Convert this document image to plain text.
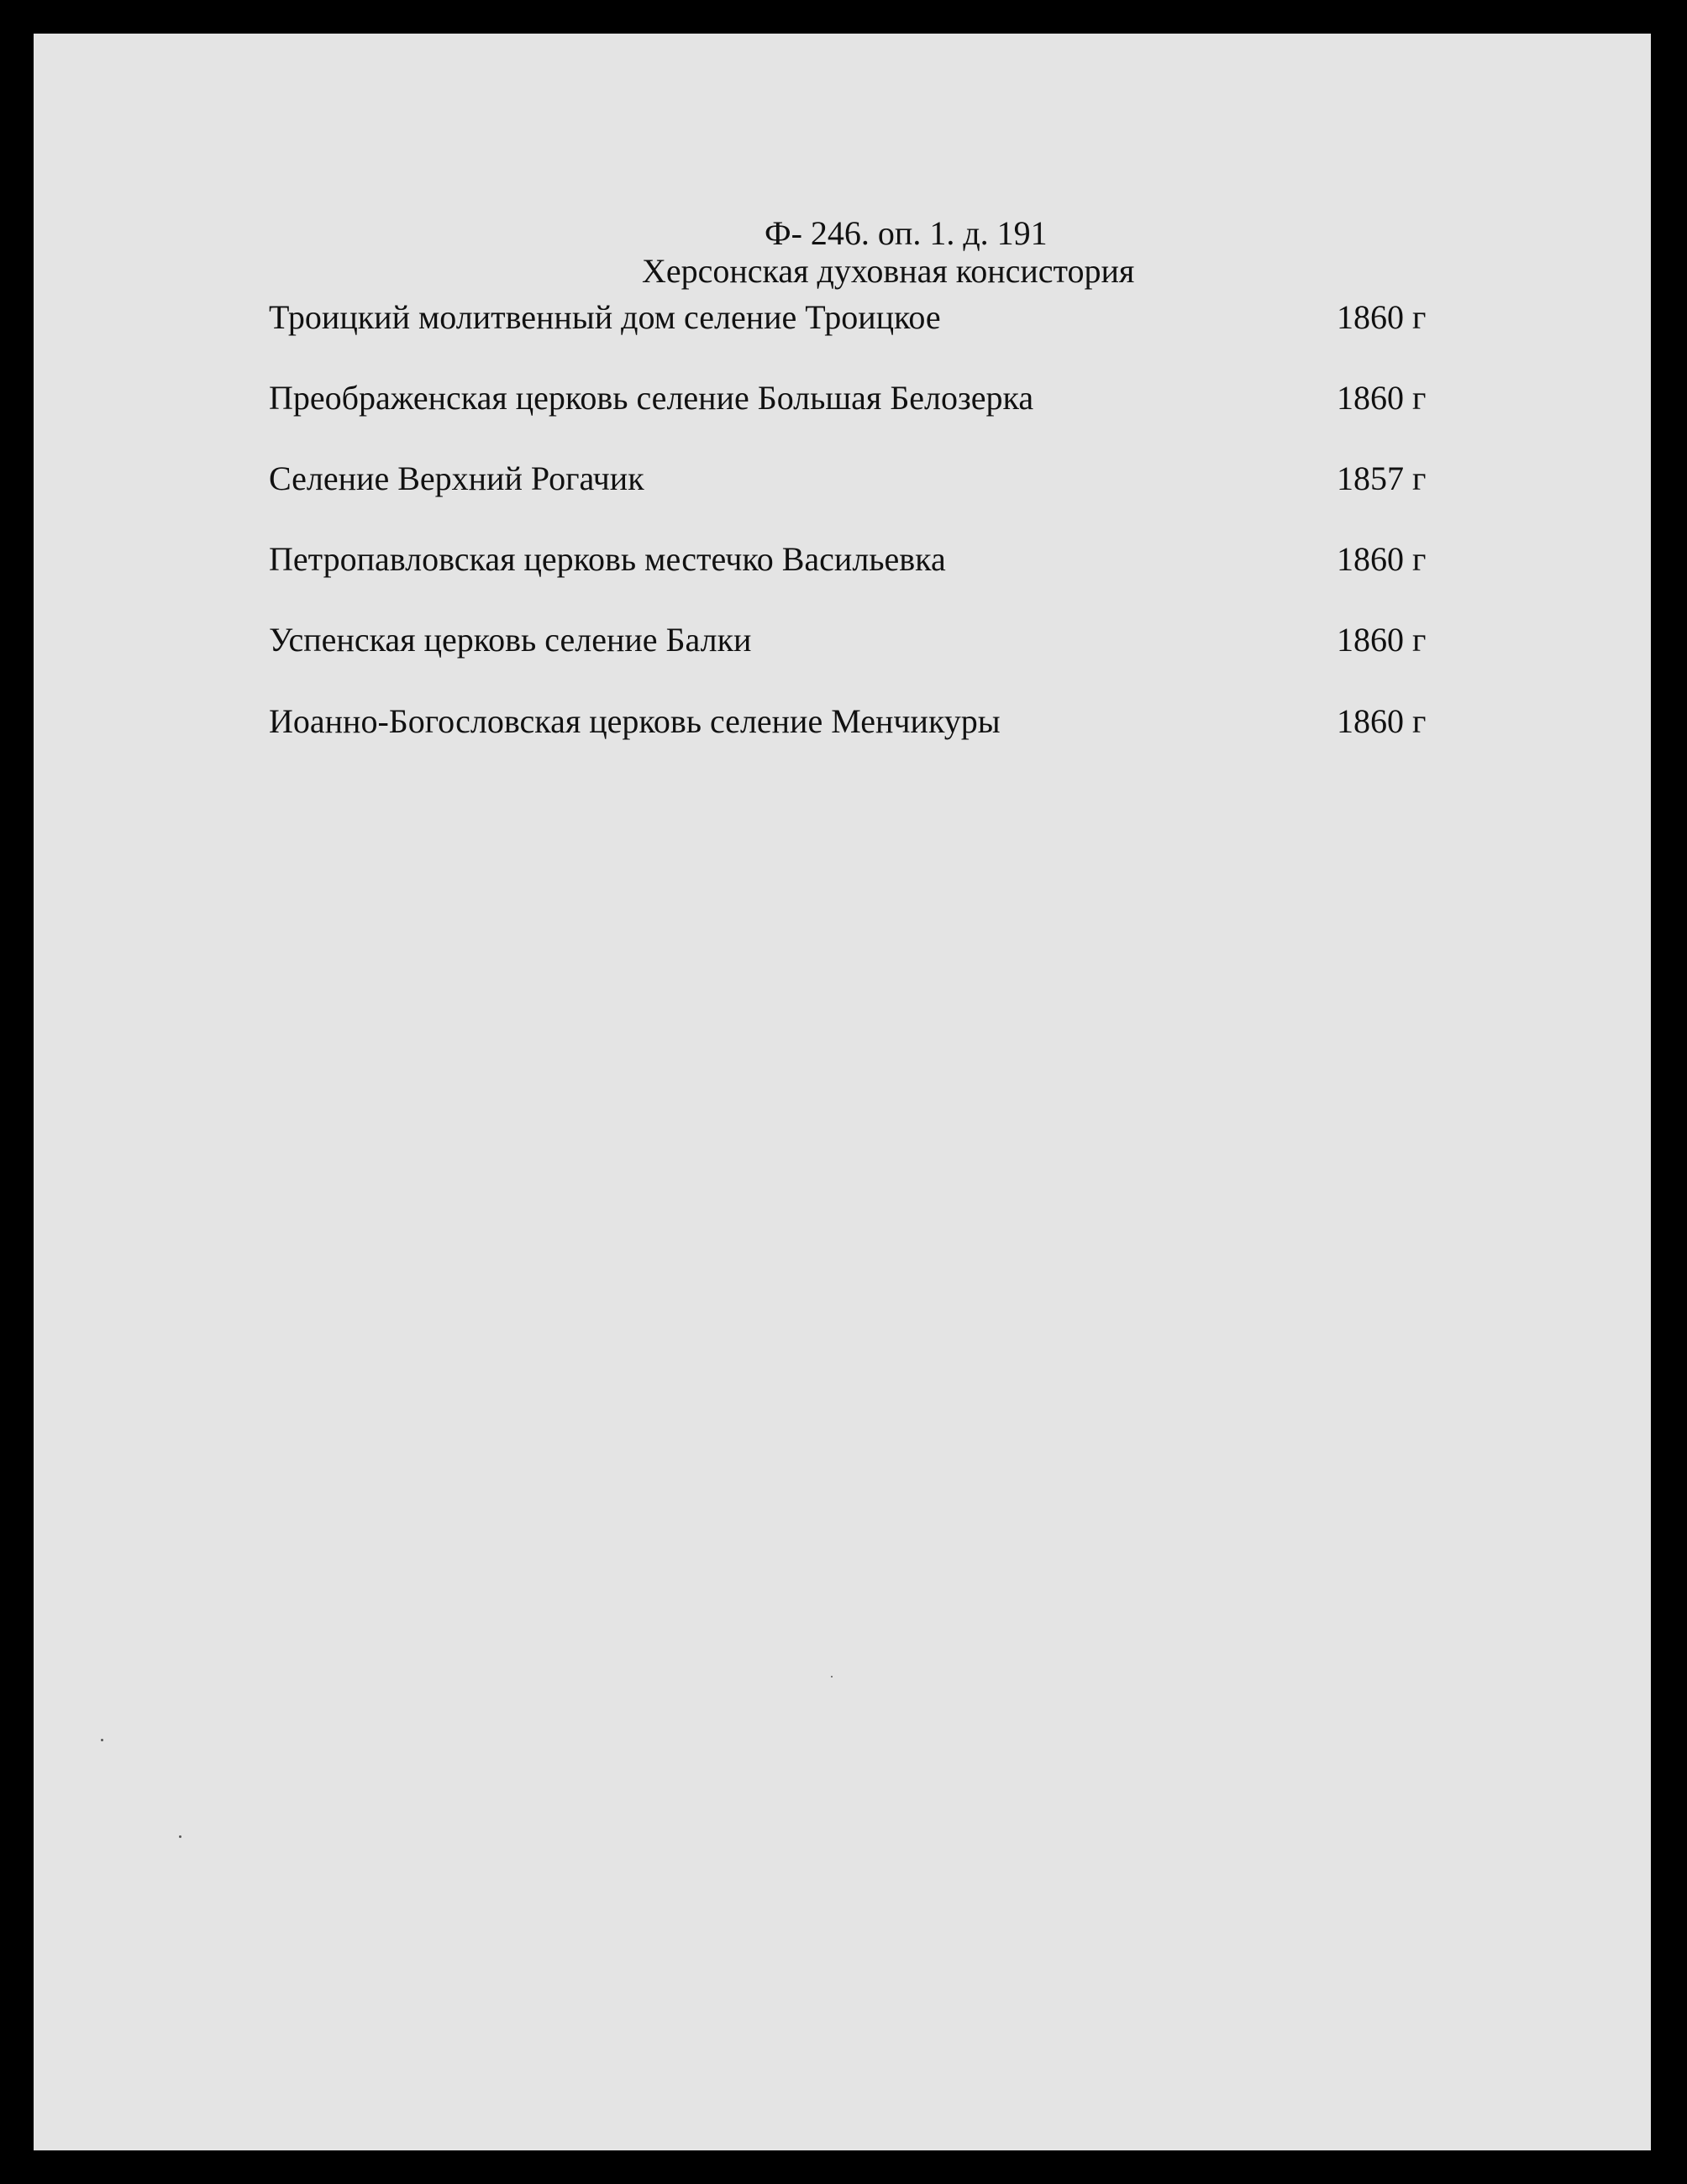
Ф- 246. оп. 1. д. 191
Херсонская духовная консистория
Троицкий молитвенный дом селение Троицкое	1860 г
Преображенская церковь селение Большая Белозерка	1860 г
Селение Верхний Рогачик	1857 г
Петропавловская церковь местечко Васильевка	1860 г
Успенская церковь селение Балки	1860 г
Иоанно-Богословская церковь селение Менчикуры	1860 г
